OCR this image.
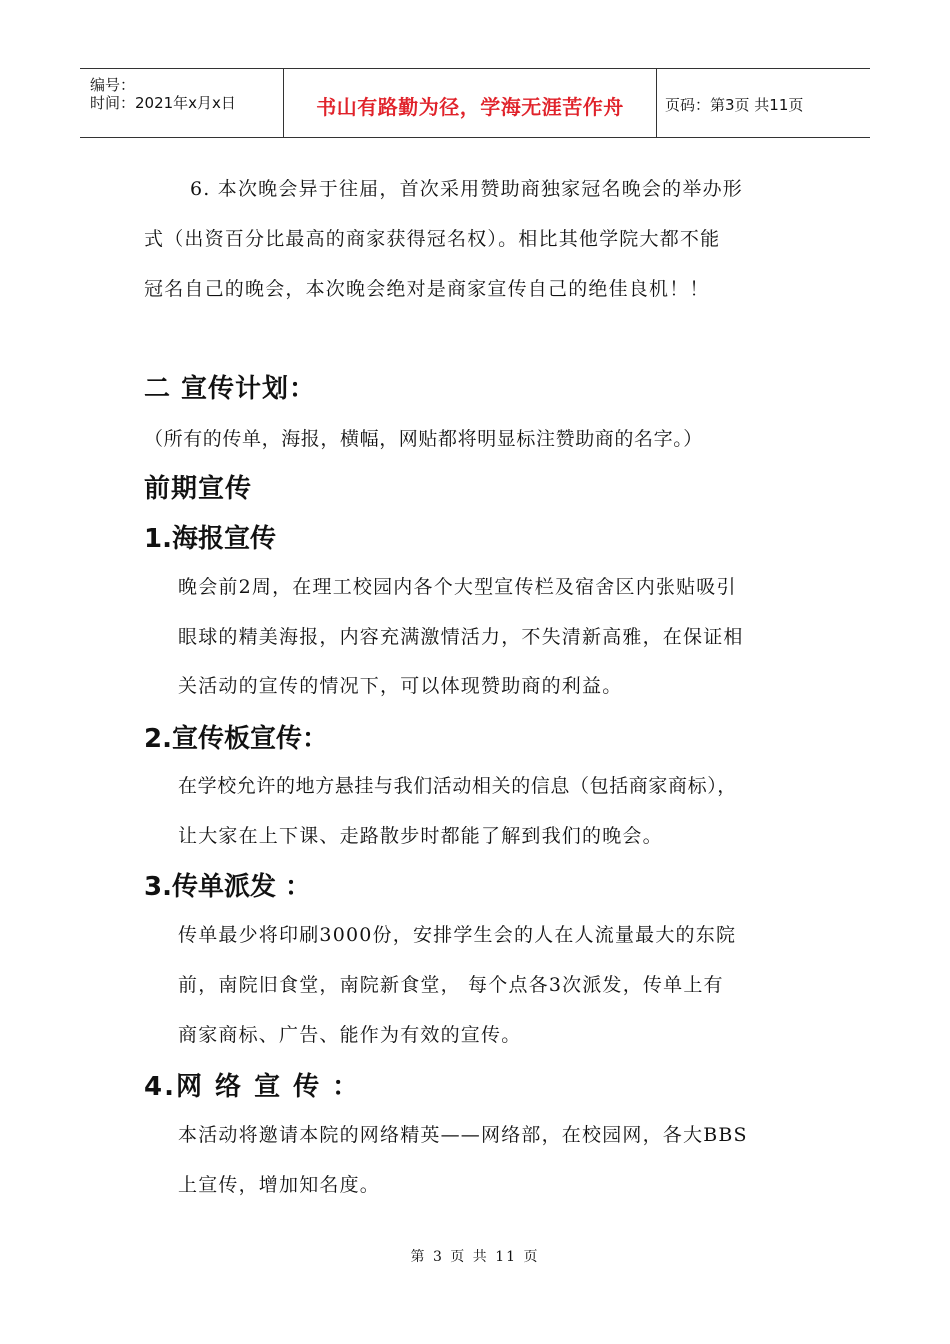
编号：
时间：2021年x月x日	书山有路勤为径，学海无涯苦作舟	页码：第3页 共11页
6. 本次晚会异于往届，首次采用赞助商独家冠名晚会的举办形
式（出资百分比最高的商家获得冠名权）。相比其他学院大都不能
冠名自己的晚会，本次晚会绝对是商家宣传自己的绝佳良机！！
二 宣传计划：
（所有的传单，海报，横幅，网贴都将明显标注赞助商的名字。）
前期宣传
1.海报宣传
晚会前2周，在理工校园内各个大型宣传栏及宿舍区内张贴吸引
眼球的精美海报，内容充满激情活力，不失清新高雅，在保证相
关活动的宣传的情况下，可以体现赞助商的利益。
2.宣传板宣传：
在学校允许的地方悬挂与我们活动相关的信息（包括商家商标），
让大家在上下课、走路散步时都能了解到我们的晚会。
3.传单派发 ：
传单最少将印刷3000份，安排学生会的人在人流量最大的东院
前，南院旧食堂，南院新食堂， 每个点各3次派发，传单上有
商家商标、广告、能作为有效的宣传。
4.网 络 宣 传 ：
本活动将邀请本院的网络精英——网络部，在校园网，各大BBS
上宣传，增加知名度。
第 3 页 共 11 页
